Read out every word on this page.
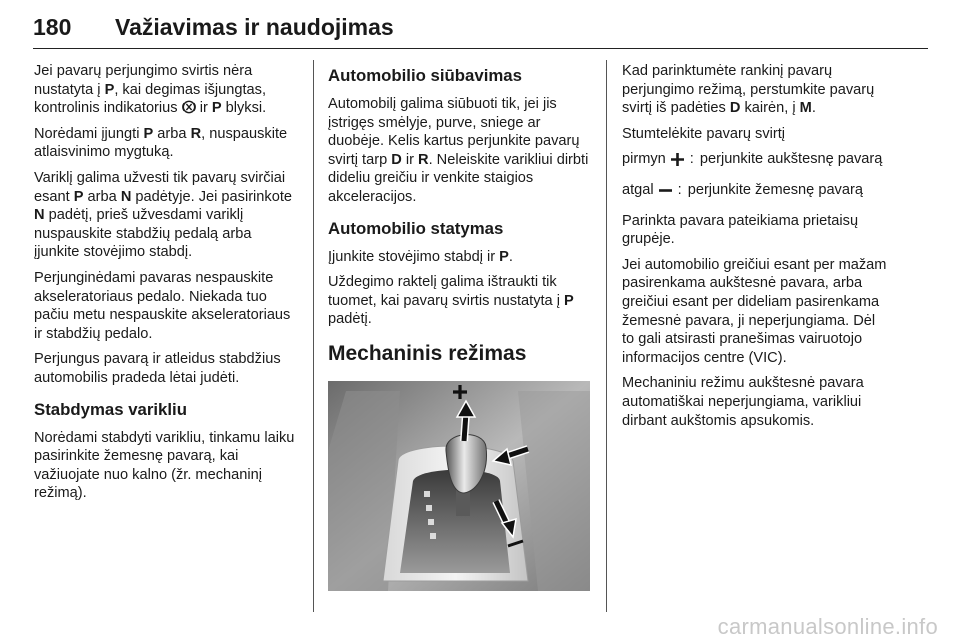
180 Važiavimas ir naudojimas

Jei pavarų perjungimo svirtis nėra nustatyta į P, kai degimas išjungtas, kontrolinis indikatorius  ir P blyksi.

Norėdami įjungti P arba R, nuspauskite atlaisvinimo mygtuką.

Variklį galima užvesti tik pavarų svirčiai esant P arba N padėtyje. Jei pasirinkote N padėtį, prieš užvesdami variklį nuspauskite stabdžių pedalą arba įjunkite stovėjimo stabdį.

Perjunginėdami pavaras nespauskite akseleratoriaus pedalo. Niekada tuo pačiu metu nespauskite akseleratoriaus ir stabdžių pedalo.

Perjungus pavarą ir atleidus stabdžius automobilis pradeda lėtai judėti.

Stabdymas varikliu

Norėdami stabdyti varikliu, tinkamu laiku pasirinkite žemesnę pavarą, kai važiuojate nuo kalno (žr. mechaninį režimą).

Automobilio siūbavimas

Automobilį galima siūbuoti tik, jei jis įstrigęs smėlyje, purve, sniege ar duobėje. Kelis kartus perjunkite pavarų svirtį tarp D ir R. Neleiskite varikliui dirbti dideliu greičiu ir venkite staigios akceleracijos.

Automobilio statymas

Įjunkite stovėjimo stabdį ir P.

Uždegimo raktelį galima ištraukti tik tuomet, kai pavarų svirtis nustatyta į P padėtį.

Mechaninis režimas

Kad parinktumėte rankinį pavarų perjungimo režimą, perstumkite pavarų svirtį iš padėties D kairėn, į M.

Stumtelėkite pavarų svirtį

pirmyn	: perjunkite aukštesnę pavarą
atgal	: perjunkite žemesnę pavarą

Parinkta pavara pateikiama prietaisų grupėje.

Jei automobilio greičiui esant per mažam pasirenkama aukštesnė pavara, arba greičiui esant per dideliam pasirenkama žemesnė pavara, ji neperjungiama. Dėl to gali atsirasti pranešimas vairuotojo informacijos centre (VIC).

Mechaniniu režimu aukštesnė pavara automatiškai neperjungiama, varikliui dirbant aukštomis apsukomis.

carmanualsonline.info
